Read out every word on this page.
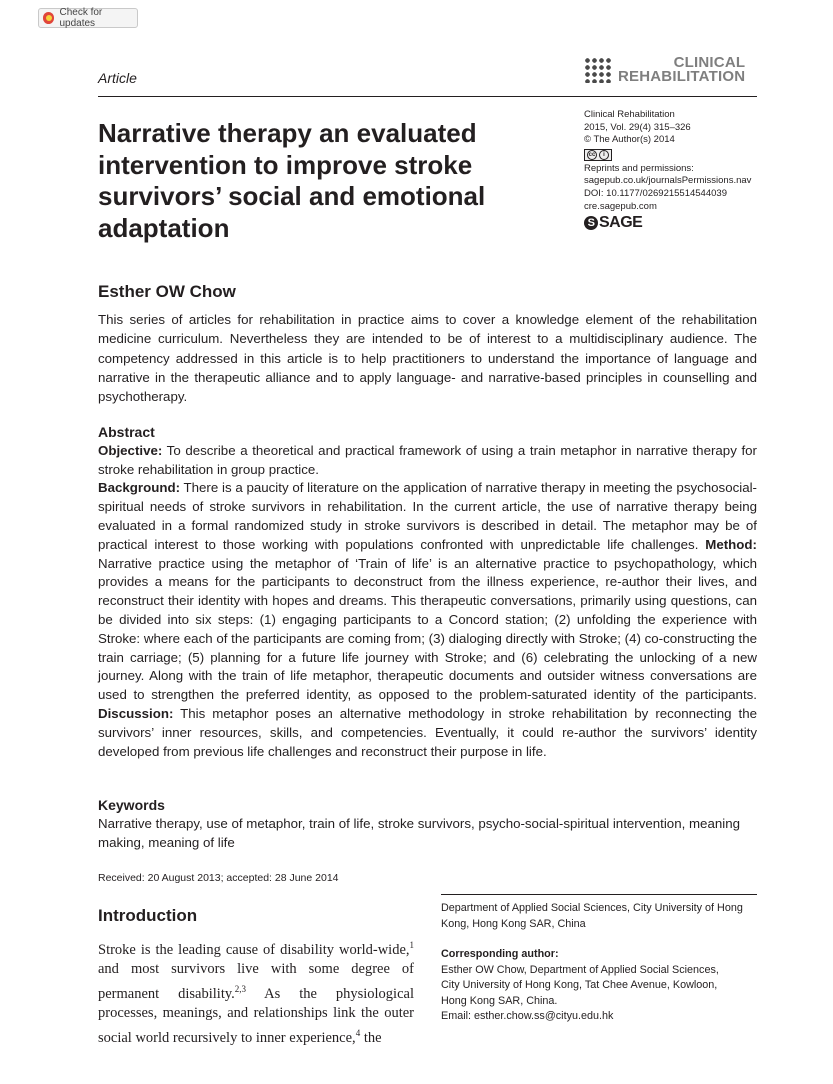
Check for updates
Article
CLINICAL
REHABILITATION
Narrative therapy an evaluated intervention to improve stroke survivors’ social and emotional adaptation
Clinical Rehabilitation
2015, Vol. 29(4) 315–326
© The Author(s) 2014
cc	i
Reprints and permissions:
sagepub.co.uk/journalsPermissions.nav
DOI: 10.1177/0269215514544039
cre.sagepub.com
S SAGE
Esther OW Chow
This series of articles for rehabilitation in practice aims to cover a knowledge element of the rehabilitation medicine curriculum. Nevertheless they are intended to be of interest to a multidisciplinary audience. The competency addressed in this article is to help practitioners to understand the importance of language and narrative in the therapeutic alliance and to apply language- and narrative-based principles in counselling and psychotherapy.
Abstract
Objective: To describe a theoretical and practical framework of using a train metaphor in narrative therapy for stroke rehabilitation in group practice.
Background: There is a paucity of literature on the application of narrative therapy in meeting the psychosocial-spiritual needs of stroke survivors in rehabilitation. In the current article, the use of narrative therapy being evaluated in a formal randomized study in stroke survivors is described in detail. The metaphor may be of practical interest to those working with populations confronted with unpredictable life challenges. Method: Narrative practice using the metaphor of ‘Train of life’ is an alternative practice to psychopathology, which provides a means for the participants to deconstruct from the illness experience, re-author their lives, and reconstruct their identity with hopes and dreams. This therapeutic conversations, primarily using questions, can be divided into six steps: (1) engaging participants to a Concord station; (2) unfolding the experience with Stroke: where each of the participants are coming from; (3) dialoging directly with Stroke; (4) co-constructing the train carriage; (5) planning for a future life journey with Stroke; and (6) celebrating the unlocking of a new journey. Along with the train of life metaphor, therapeutic documents and outsider witness conversations are used to strengthen the preferred identity, as opposed to the problem-saturated identity of the participants. Discussion: This metaphor poses an alternative methodology in stroke rehabilitation by reconnecting the survivors’ inner resources, skills, and competencies. Eventually, it could re-author the survivors’ identity developed from previous life challenges and reconstruct their purpose in life.
Keywords
Narrative therapy, use of metaphor, train of life, stroke survivors, psycho-social-spiritual intervention, meaning making, meaning of life
Received: 20 August 2013; accepted: 28 June 2014
Introduction
Stroke is the leading cause of disability world-wide,$^1$ and most survivors live with some degree of permanent disability.$^{2,3}$ As the physiological processes, meanings, and relationships link the outer social world recursively to inner experience,$^4$ the
Department of Applied Social Sciences, City University of Hong Kong, Hong Kong SAR, China
Corresponding author:
Esther OW Chow, Department of Applied Social Sciences,
City University of Hong Kong, Tat Chee Avenue, Kowloon,
Hong Kong SAR, China.
Email: esther.chow.ss@cityu.edu.hk
